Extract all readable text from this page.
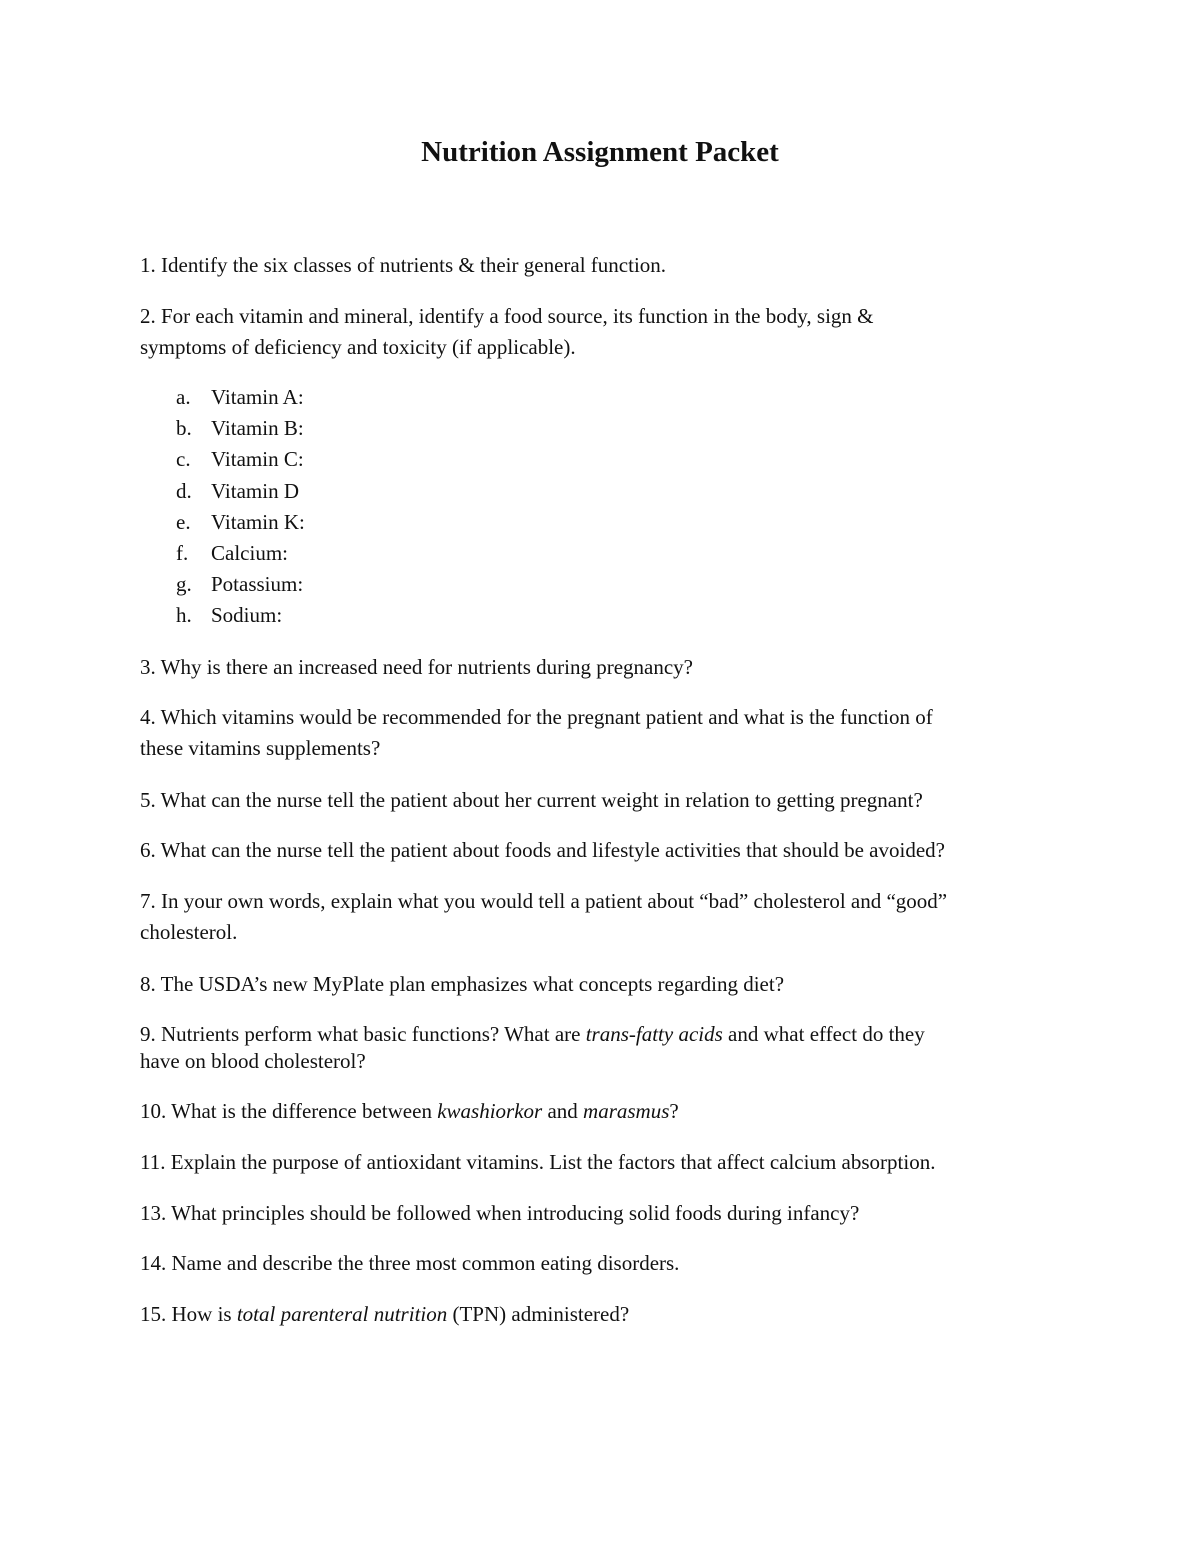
Nutrition Assignment Packet
1. Identify the six classes of nutrients & their general function.
2. For each vitamin and mineral, identify a food source, its function in the body, sign &
symptoms of deficiency and toxicity (if applicable).
a. Vitamin A:
b. Vitamin B:
c. Vitamin C:
d. Vitamin D
e. Vitamin K:
f. Calcium:
g. Potassium:
h. Sodium:
3. Why is there an increased need for nutrients during pregnancy?
4. Which vitamins would be recommended for the pregnant patient and what is the function of
these vitamins supplements?
5. What can the nurse tell the patient about her current weight in relation to getting pregnant?
6. What can the nurse tell the patient about foods and lifestyle activities that should be avoided?
7. In your own words, explain what you would tell a patient about “bad” cholesterol and “good”
cholesterol.
8. The USDA’s new MyPlate plan emphasizes what concepts regarding diet?
9. Nutrients perform what basic functions? What are trans-fatty acids and what effect do they
have on blood cholesterol?
10. What is the difference between kwashiorkor and marasmus?
11. Explain the purpose of antioxidant vitamins. List the factors that affect calcium absorption.
13. What principles should be followed when introducing solid foods during infancy?
14. Name and describe the three most common eating disorders.
15. How is total parenteral nutrition (TPN) administered?
